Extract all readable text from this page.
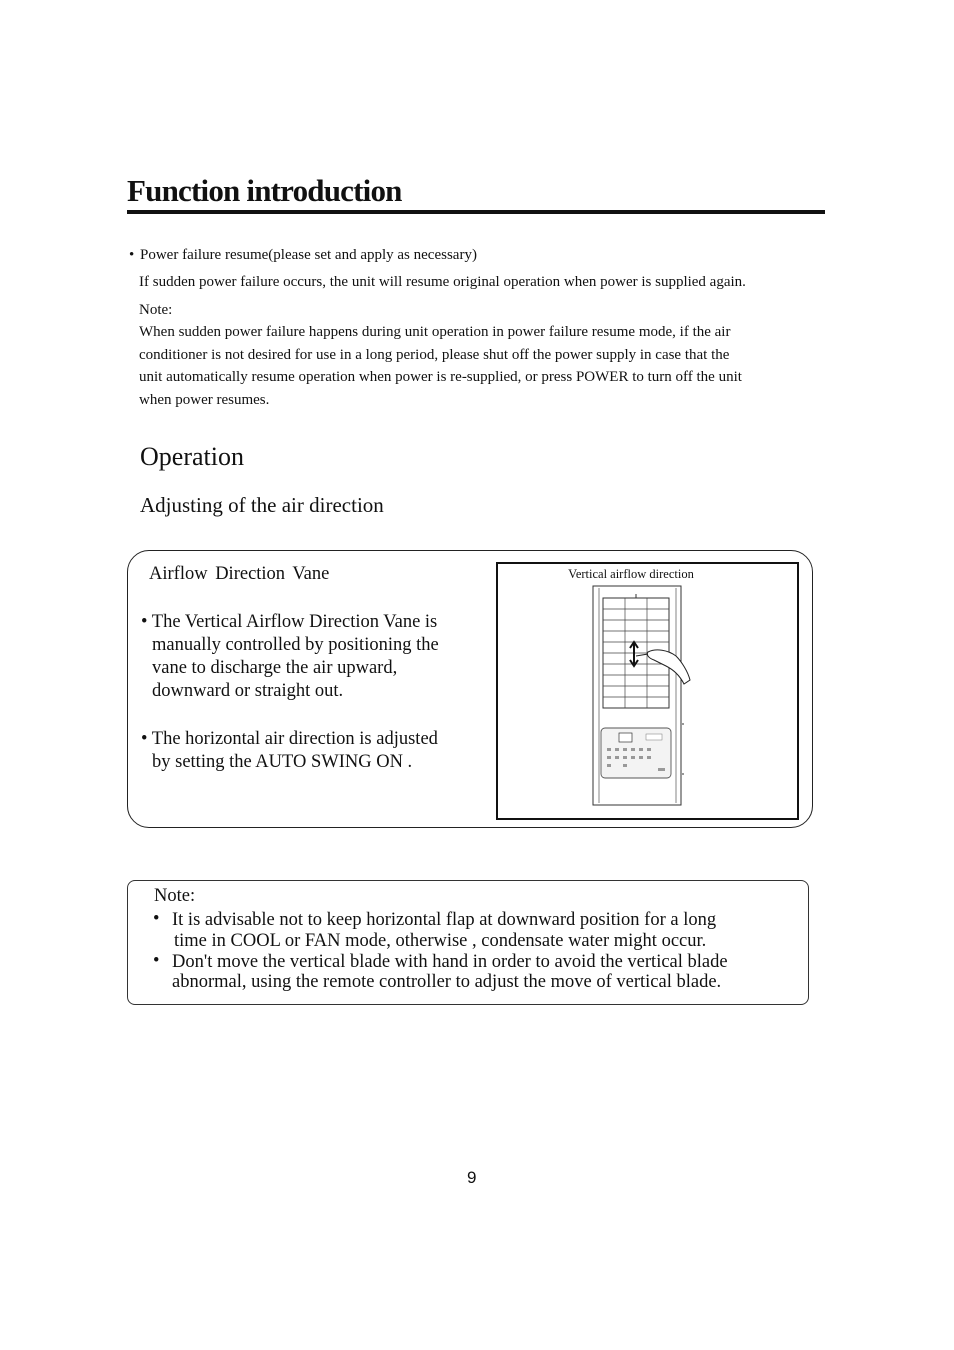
Function introduction
• Power failure resume(please set and apply as necessary)
If sudden power failure occurs, the unit will resume original operation when power is supplied again.
Note:
When sudden power failure happens during unit operation in power failure resume mode, if the air
conditioner is not desired for use in a long period, please shut off the power supply in case that the
unit automatically resume operation when power is re-supplied, or press POWER to turn off the unit
when power resumes.
Operation
Adjusting of the air direction
Airflow Direction Vane
• The Vertical Airflow Direction Vane is
manually controlled by positioning the
vane to discharge the air upward,
downward or straight out.
• The horizontal air direction is adjusted
by setting the AUTO SWING ON .
Vertical airflow direction
Note:
• It is advisable not to keep horizontal flap at downward position for a long
time in COOL or FAN mode, otherwise , condensate water might occur.
• Don't move the vertical blade with hand in order to avoid the vertical blade
abnormal, using the remote controller to adjust the move of vertical blade.
9
